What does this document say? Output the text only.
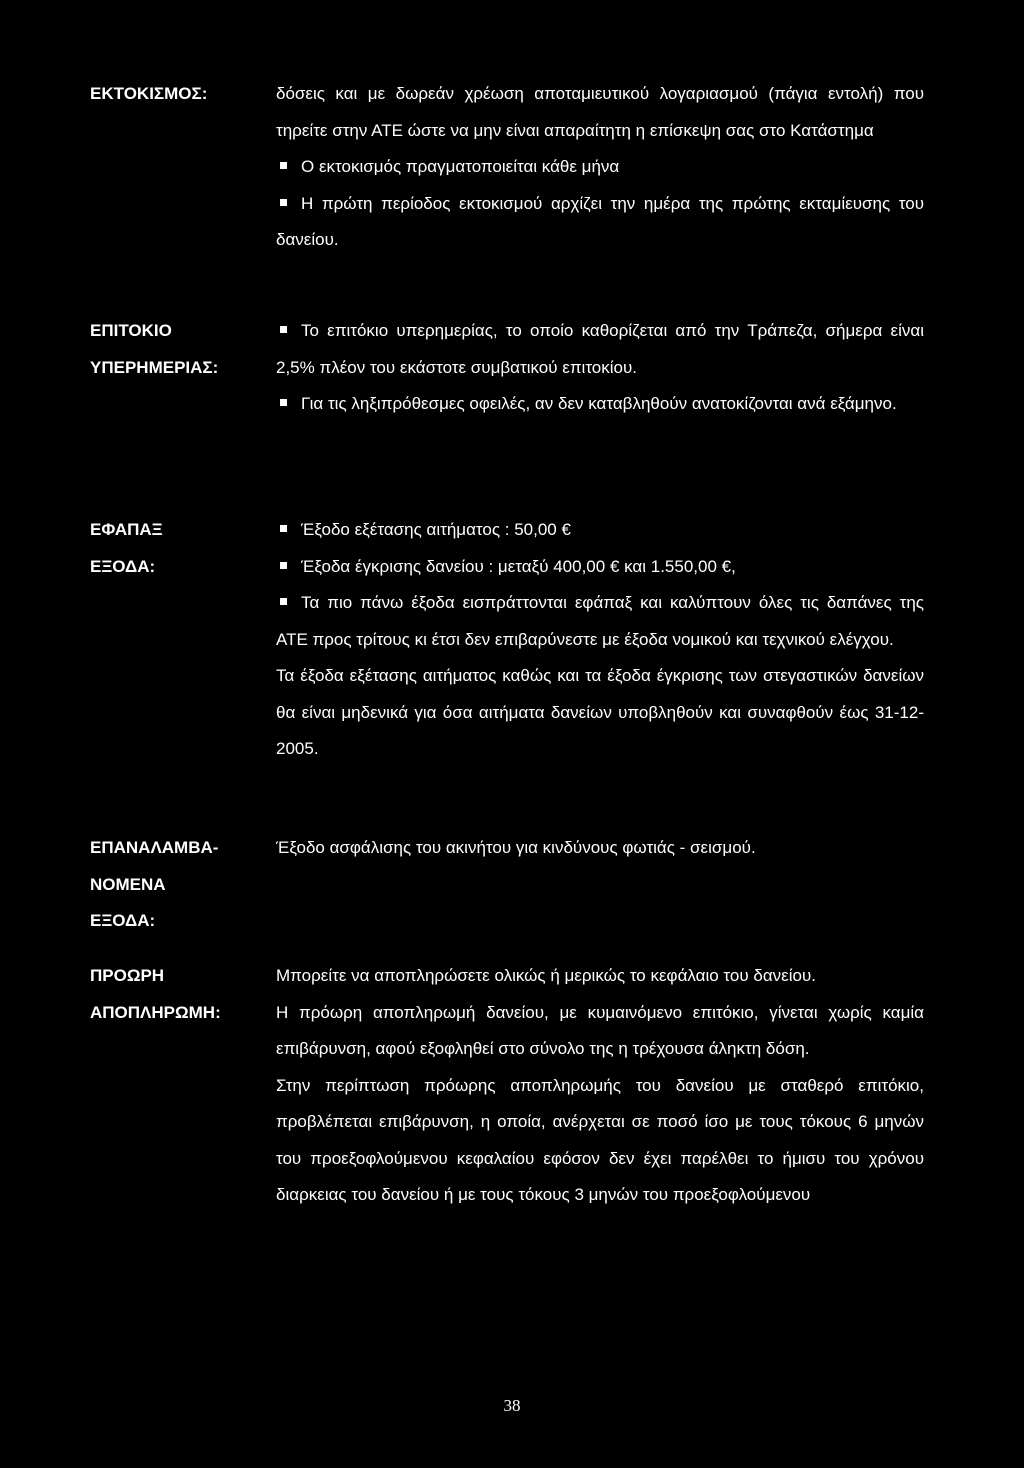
ΕΚΤΟΚΙΣΜΟΣ:	δόσεις και με δωρεάν χρέωση αποταμιευτικού λογαριασμού (πάγια εντολή) που τηρείτε στην ΑΤΕ ώστε να μην είναι απαραίτητη η επίσκεψη σας στο Κατάστημα
Ο εκτοκισμός πραγματοποιείται κάθε μήνα
Η πρώτη περίοδος εκτοκισμού αρχίζει την ημέρα της πρώτης εκταμίευσης του δανείου.
ΕΠΙΤΟΚΙΟ
ΥΠΕΡΗΜΕΡΙΑΣ:
Το επιτόκιο υπερημερίας, το οποίο καθορίζεται από την Τράπεζα, σήμερα είναι 2,5% πλέον του εκάστοτε συμβατικού επιτοκίου.
Για τις ληξιπρόθεσμες οφειλές, αν δεν καταβληθούν ανατοκίζονται ανά εξάμηνο.
ΕΦΑΠΑΞ
ΕΞΟΔΑ:
Έξοδο εξέτασης αιτήματος : 50,00 €
Έξοδα έγκρισης δανείου : μεταξύ 400,00 € και 1.550,00 €,
Τα πιο πάνω έξοδα εισπράττονται εφάπαξ και καλύπτουν όλες τις δαπάνες της ΑΤΕ προς τρίτους κι έτσι δεν επιβαρύνεστε με έξοδα νομικού και τεχνικού ελέγχου.
Τα έξοδα εξέτασης αιτήματος καθώς και τα έξοδα έγκρισης των στεγαστικών δανείων θα είναι μηδενικά για όσα αιτήματα δανείων υποβληθούν και συναφθούν έως 31-12-2005.
ΕΠΑΝΑΛΑΜΒΑ-
ΝΟΜΕΝΑ
ΕΞΟΔΑ:
Έξοδο ασφάλισης του ακινήτου για κινδύνους φωτιάς - σεισμού.
ΠΡΟΩΡΗ
ΑΠΟΠΛΗΡΩΜΗ:
Μπορείτε να αποπληρώσετε ολικώς ή μερικώς το κεφάλαιο του δανείου.
Η πρόωρη αποπληρωμή δανείου, με κυμαινόμενο επιτόκιο, γίνεται χωρίς καμία επιβάρυνση, αφού εξοφληθεί στο σύνολο της η τρέχουσα άληκτη δόση.
Στην περίπτωση πρόωρης αποπληρωμής του δανείου με σταθερό επιτόκιο, προβλέπεται επιβάρυνση, η οποία, ανέρχεται σε ποσό ίσο με τους τόκους 6 μηνών του προεξοφλούμενου κεφαλαίου εφόσον δεν έχει παρέλθει το ήμισυ του χρόνου διαρκειας του δανείου ή με τους τόκους 3 μηνών του προεξοφλούμενου
38
